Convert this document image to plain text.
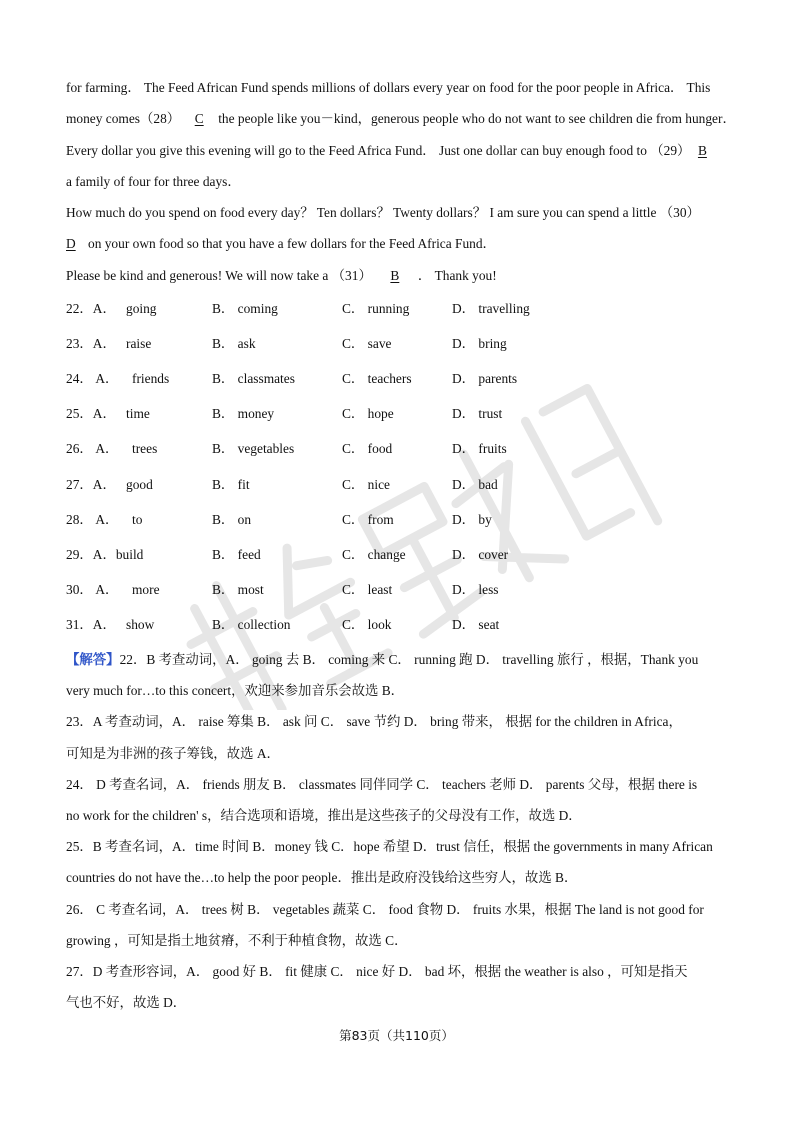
for farming． The Feed African Fund spends millions of dollars every year on food for the poor people in Africa． This
money comes（28） C the people like you－kind，generous people who do not want to see children die from hunger．
Every dollar you give this evening will go to the Feed Africa Fund． Just one dollar can buy enough food to （29） B
a family of four for three days．
How much do you spend on food every day？ Ten dollars？ Twenty dollars？ I am sure you can spend a little （30）
D on your own food so that you have a few dollars for the Feed Africa Fund．
Please be kind and generous! We will now take a （31） B ． Thank you!
22．A． going	B． coming	C． running	D． travelling
23．A． raise	B． ask	C． save	D． bring
24． A． friends	B． classmates	C． teachers	D． parents
25．A． time	B． money	C． hope	D． trust
26． A． trees	B． vegetables	C． food	D． fruits
27．A． good	B． fit	C． nice	D． bad
28． A． to	B． on	C． from	D． by
29．A．build	B． feed	C． change	D． cover
30． A． more	B． most	C． least	D． less
31．A． show	B． collection	C． look	D． seat
【解答】22．B 考查动词，A． going 去 B． coming 来 C． running 跑 D． travelling 旅行 ，根据，Thank you
very much for…to this concert，欢迎来参加音乐会故选 B．
23．A 考查动词，A． raise 筹集 B． ask 问 C． save 节约 D． bring 带来， 根据 for the children in Africa，
可知是为非洲的孩子筹钱，故选 A．
24． D 考查名词，A． friends 朋友 B． classmates 同伴同学 C． teachers 老师 D． parents 父母，根据 there is
no work for the children' s，结合选项和语境，推出是这些孩子的父母没有工作，故选 D．
25．B 考查名词，A．time 时间 B．money 钱 C．hope 希望 D．trust 信任，根据 the governments in many African
countries do not have the…to help the poor people．推出是政府没钱给这些穷人，故选 B．
26． C 考查名词，A． trees 树 B． vegetables 蔬菜 C． food 食物 D． fruits 水果，根据 The land is not good for
growing ，可知是指土地贫瘠，不利于种植食物，故选 C．
27．D 考查形容词，A． good 好 B． fit 健康 C． nice 好 D． bad 坏，根据 the weather is also ，可知是指天
气也不好，故选 D．
第83页（共110页）
